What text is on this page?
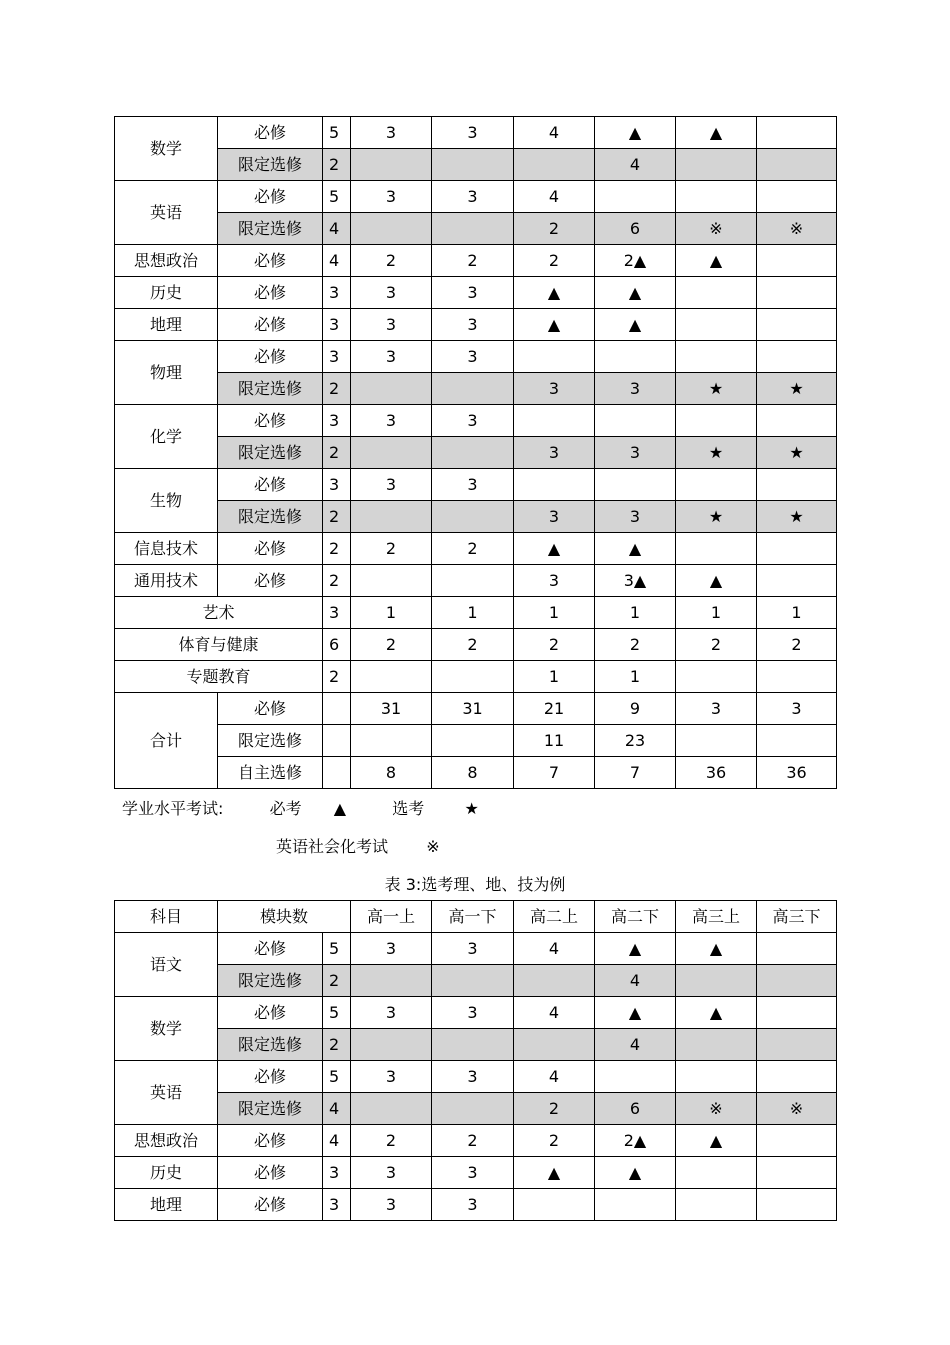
数学	必修	5	3	3	4	▲	▲	
	限定选修	2				4		
英语	必修	5	3	3	4			
	限定选修	4			2	6	※	※
思想政治	必修	4	2	2	2	2▲	▲	
历史	必修	3	3	3	▲	▲		
地理	必修	3	3	3	▲	▲		
物理	必修	3	3	3				
	限定选修	2			3	3	★	★
化学	必修	3	3	3				
	限定选修	2			3	3	★	★
生物	必修	3	3	3				
	限定选修	2			3	3	★	★
信息技术	必修	2	2	2	▲	▲		
通用技术	必修	2			3	3▲	▲	
艺术		3	1	1	1	1	1	1
体育与健康		6	2	2	2	2	2	2
专题教育		2			1	1		
合计	必修		31	31	21	9	3	3
	限定选修				11	23		
	自主选修		8	8	7	7	36	36
学业水平考试:	必考 ▲	选考	★
英语社会化考试 ※
表 3:选考理、地、技为例
科目	模块数		高一上	高一下	高二上	高二下	高三上	高三下
语文	必修	5	3	3	4	▲	▲	
	限定选修	2				4		
数学	必修	5	3	3	4	▲	▲	
	限定选修	2				4		
英语	必修	5	3	3	4			
	限定选修	4			2	6	※	※
思想政治	必修	4	2	2	2	2▲	▲	
历史	必修	3	3	3	▲	▲		
地理	必修	3	3	3				
